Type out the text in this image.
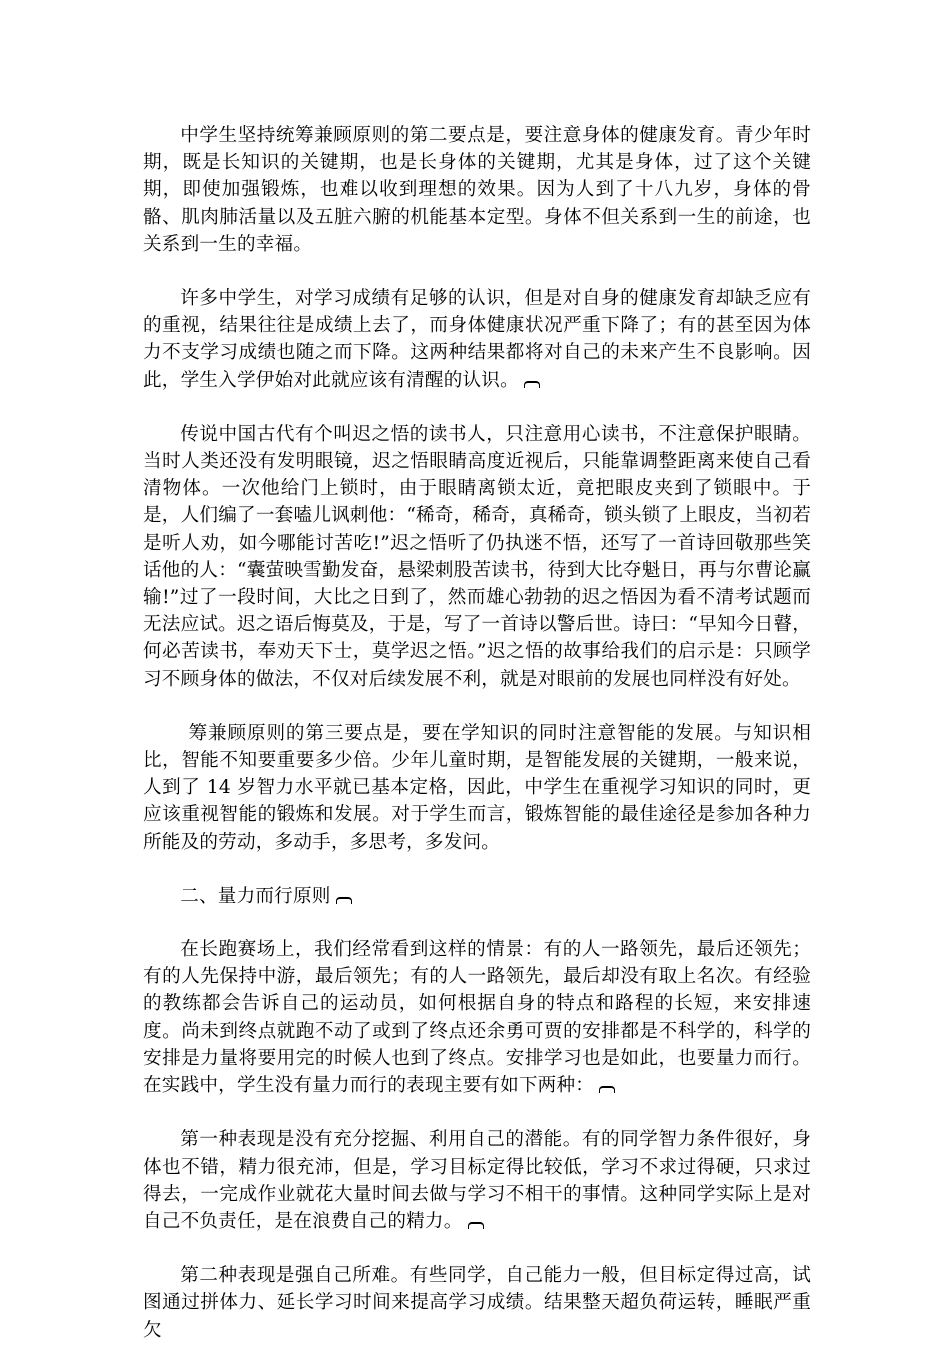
中学生坚持统筹兼顾原则的第二要点是，要注意身体的健康发育。青少年时期，既是长知识的关键期，也是长身体的关键期，尤其是身体，过了这个关键期，即使加强锻炼，也难以收到理想的效果。因为人到了十八九岁，身体的骨骼、肌肉肺活量以及五脏六腑的机能基本定型。身体不但关系到一生的前途，也关系到一生的幸福。

许多中学生，对学习成绩有足够的认识，但是对自身的健康发育却缺乏应有的重视，结果往往是成绩上去了，而身体健康状况严重下降了；有的甚至因为体力不支学习成绩也随之而下降。这两种结果都将对自己的未来产生不良影响。因此，学生入学伊始对此就应该有清醒的认识。

传说中国古代有个叫迟之悟的读书人，只注意用心读书，不注意保护眼睛。当时人类还没有发明眼镜，迟之悟眼睛高度近视后，只能靠调整距离来使自己看清物体。一次他给门上锁时，由于眼睛离锁太近，竟把眼皮夹到了锁眼中。于是，人们编了一套嗑儿讽刺他：“稀奇，稀奇，真稀奇，锁头锁了上眼皮，当初若是听人劝，如今哪能讨苦吃!”迟之悟听了仍执迷不悟，还写了一首诗回敬那些笑话他的人：“囊萤映雪勤发奋，悬梁刺股苦读书，待到大比夺魁日，再与尔曹论赢输!”过了一段时间，大比之日到了，然而雄心勃勃的迟之悟因为看不清考试题而无法应试。迟之语后悔莫及，于是，写了一首诗以警后世。诗曰：“早知今日瞽，何必苦读书，奉劝天下士，莫学迟之悟。”迟之悟的故事给我们的启示是：只顾学习不顾身体的做法，不仅对后续发展不利，就是对眼前的发展也同样没有好处。

筹兼顾原则的第三要点是，要在学知识的同时注意智能的发展。与知识相比，智能不知要重要多少倍。少年儿童时期，是智能发展的关键期，一般来说，人到了 14 岁智力水平就已基本定格，因此，中学生在重视学习知识的同时，更应该重视智能的锻炼和发展。对于学生而言，锻炼智能的最佳途径是参加各种力所能及的劳动，多动手，多思考，多发问。

二、量力而行原则

在长跑赛场上，我们经常看到这样的情景：有的人一路领先，最后还领先；有的人先保持中游，最后领先；有的人一路领先，最后却没有取上名次。有经验的教练都会告诉自己的运动员，如何根据自身的特点和路程的长短，来安排速度。尚未到终点就跑不动了或到了终点还余勇可贾的安排都是不科学的，科学的安排是力量将要用完的时候人也到了终点。安排学习也是如此，也要量力而行。在实践中，学生没有量力而行的表现主要有如下两种：

第一种表现是没有充分挖掘、利用自己的潜能。有的同学智力条件很好，身体也不错，精力很充沛，但是，学习目标定得比较低，学习不求过得硬，只求过得去，一完成作业就花大量时间去做与学习不相干的事情。这种同学实际上是对自己不负责任，是在浪费自己的精力。

第二种表现是强自己所难。有些同学，自己能力一般，但目标定得过高，试图通过拼体力、延长学习时间来提高学习成绩。结果整天超负荷运转，睡眠严重欠
